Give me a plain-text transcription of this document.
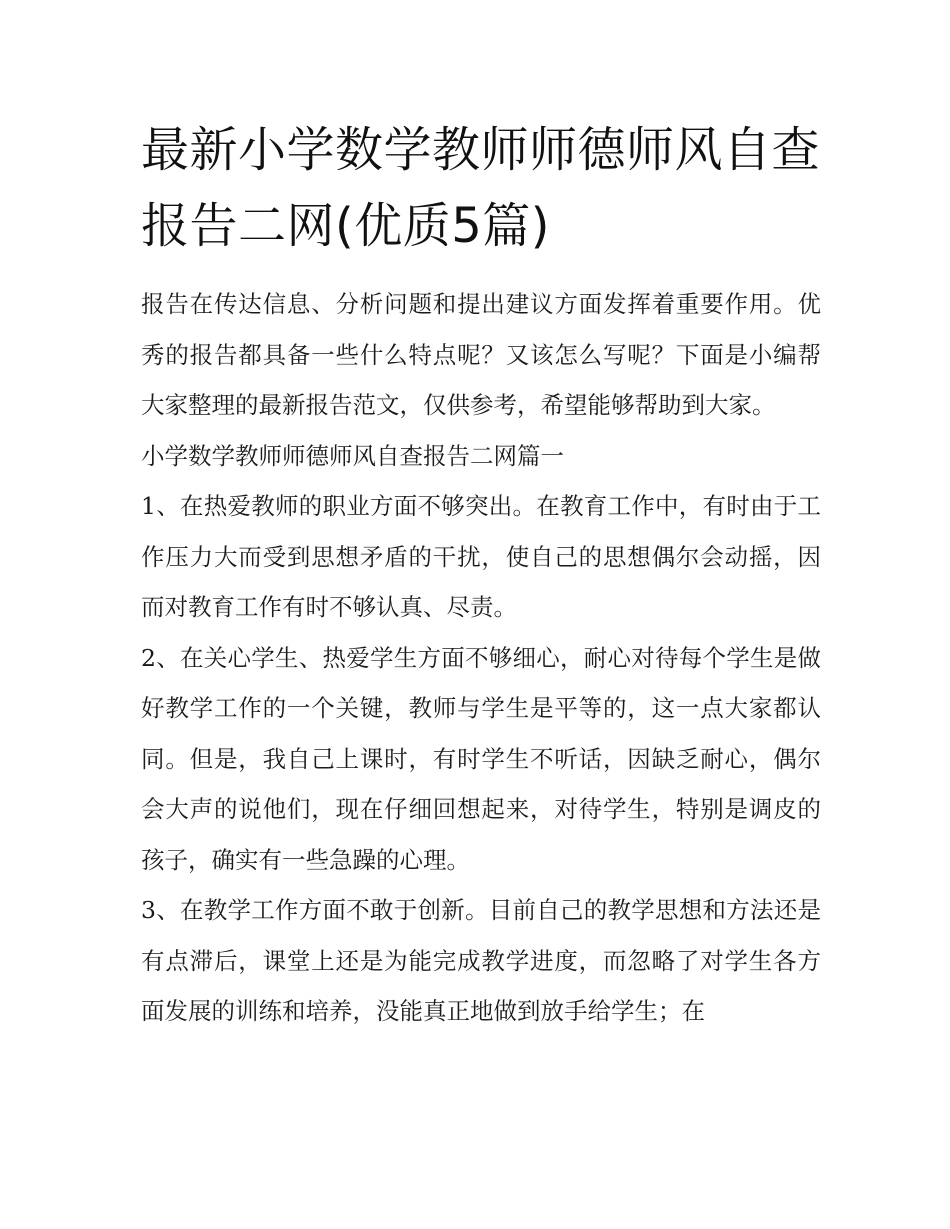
最新小学数学教师师德师风自查报告二网(优质5篇)

报告在传达信息、分析问题和提出建议方面发挥着重要作用。优秀的报告都具备一些什么特点呢？又该怎么写呢？下面是小编帮大家整理的最新报告范文，仅供参考，希望能够帮助到大家。

小学数学教师师德师风自查报告二网篇一

1、在热爱教师的职业方面不够突出。在教育工作中，有时由于工作压力大而受到思想矛盾的干扰，使自己的思想偶尔会动摇，因而对教育工作有时不够认真、尽责。

2、在关心学生、热爱学生方面不够细心，耐心对待每个学生是做好教学工作的一个关键，教师与学生是平等的，这一点大家都认同。但是，我自己上课时，有时学生不听话，因缺乏耐心，偶尔会大声的说他们，现在仔细回想起来，对待学生，特别是调皮的孩子，确实有一些急躁的心理。

3、在教学工作方面不敢于创新。目前自己的教学思想和方法还是有点滞后，课堂上还是为能完成教学进度，而忽略了对学生各方面发展的训练和培养，没能真正地做到放手给学生；在
